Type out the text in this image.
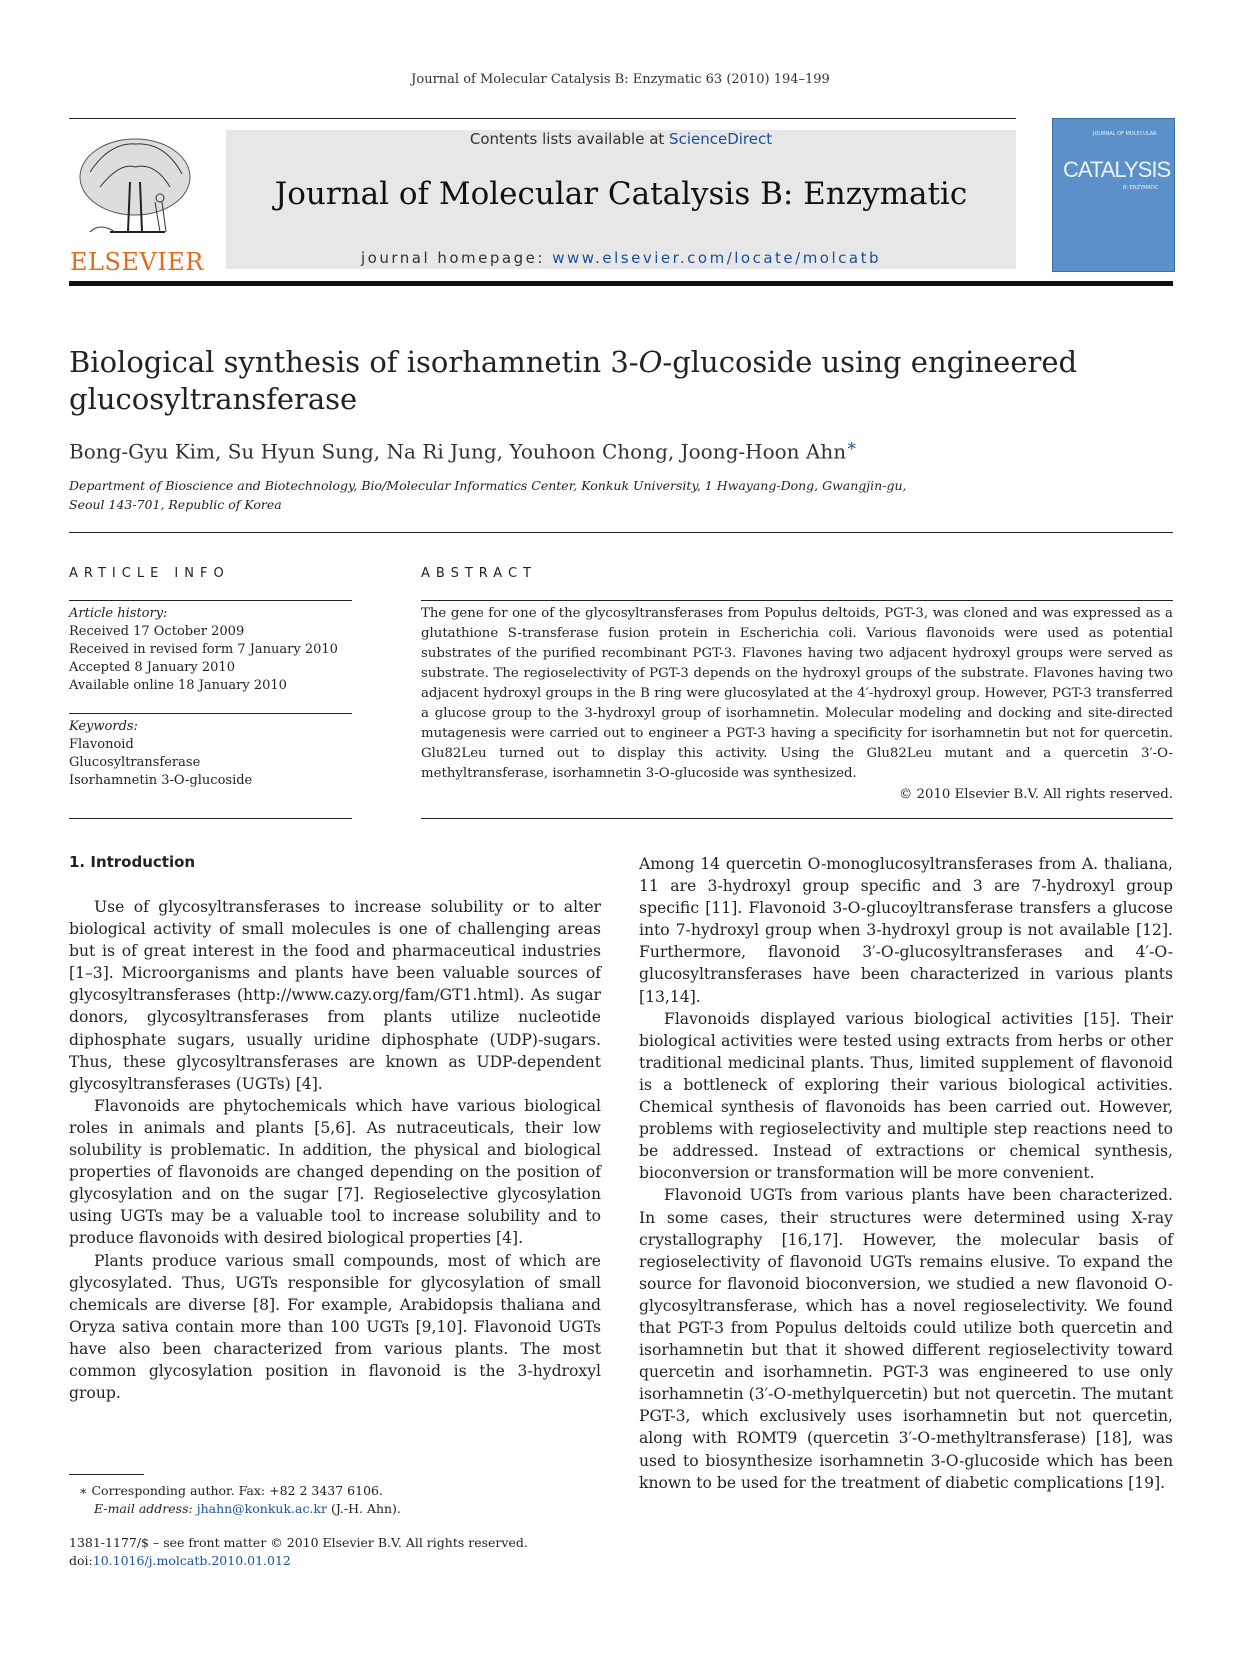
Journal of Molecular Catalysis B: Enzymatic 63 (2010) 194–199
ELSEVIER
Contents lists available at ScienceDirect
Journal of Molecular Catalysis B: Enzymatic
journal homepage: www.elsevier.com/locate/molcatb
JOURNAL OF MOLECULAR
CATALYSIS
B: ENZYMATIC
Biological synthesis of isorhamnetin 3-O-glucoside using engineered glucosyltransferase
Bong-Gyu Kim, Su Hyun Sung, Na Ri Jung, Youhoon Chong, Joong-Hoon Ahn∗
Department of Bioscience and Biotechnology, Bio/Molecular Informatics Center, Konkuk University, 1 Hwayang-Dong, Gwangjin-gu,
Seoul 143-701, Republic of Korea
ARTICLE INFO
Article history:
Received 17 October 2009
Received in revised form 7 January 2010
Accepted 8 January 2010
Available online 18 January 2010
Keywords:
Flavonoid
Glucosyltransferase
Isorhamnetin 3-O-glucoside
ABSTRACT
The gene for one of the glycosyltransferases from Populus deltoids, PGT-3, was cloned and was expressed as a glutathione S-transferase fusion protein in Escherichia coli. Various flavonoids were used as potential substrates of the purified recombinant PGT-3. Flavones having two adjacent hydroxyl groups were served as substrate. The regioselectivity of PGT-3 depends on the hydroxyl groups of the substrate. Flavones having two adjacent hydroxyl groups in the B ring were glucosylated at the 4′-hydroxyl group. However, PGT-3 transferred a glucose group to the 3-hydroxyl group of isorhamnetin. Molecular modeling and docking and site-directed mutagenesis were carried out to engineer a PGT-3 having a specificity for isorhamnetin but not for quercetin. Glu82Leu turned out to display this activity. Using the Glu82Leu mutant and a quercetin 3′-O-methyltransferase, isorhamnetin 3-O-glucoside was synthesized.
© 2010 Elsevier B.V. All rights reserved.
1. Introduction

Use of glycosyltransferases to increase solubility or to alter biological activity of small molecules is one of challenging areas but is of great interest in the food and pharmaceutical industries [1–3]. Microorganisms and plants have been valuable sources of glycosyltransferases (http://www.cazy.org/fam/GT1.html). As sugar donors, glycosyltransferases from plants utilize nucleotide diphosphate sugars, usually uridine diphosphate (UDP)-sugars. Thus, these glycosyltransferases are known as UDP-dependent glycosyltransferases (UGTs) [4].

Flavonoids are phytochemicals which have various biological roles in animals and plants [5,6]. As nutraceuticals, their low solubility is problematic. In addition, the physical and biological properties of flavonoids are changed depending on the position of glycosylation and on the sugar [7]. Regioselective glycosylation using UGTs may be a valuable tool to increase solubility and to produce flavonoids with desired biological properties [4].

Plants produce various small compounds, most of which are glycosylated. Thus, UGTs responsible for glycosylation of small chemicals are diverse [8]. For example, Arabidopsis thaliana and Oryza sativa contain more than 100 UGTs [9,10]. Flavonoid UGTs have also been characterized from various plants. The most common glycosylation position in flavonoid is the 3-hydroxyl group.

Among 14 quercetin O-monoglucosyltransferases from A. thaliana, 11 are 3-hydroxyl group specific and 3 are 7-hydroxyl group specific [11]. Flavonoid 3-O-glucoyltransferase transfers a glucose into 7-hydroxyl group when 3-hydroxyl group is not available [12]. Furthermore, flavonoid 3′-O-glucosyltransferases and 4′-O-glucosyltransferases have been characterized in various plants [13,14].

Flavonoids displayed various biological activities [15]. Their biological activities were tested using extracts from herbs or other traditional medicinal plants. Thus, limited supplement of flavonoid is a bottleneck of exploring their various biological activities. Chemical synthesis of flavonoids has been carried out. However, problems with regioselectivity and multiple step reactions need to be addressed. Instead of extractions or chemical synthesis, bioconversion or transformation will be more convenient.

Flavonoid UGTs from various plants have been characterized. In some cases, their structures were determined using X-ray crystallography [16,17]. However, the molecular basis of regioselectivity of flavonoid UGTs remains elusive. To expand the source for flavonoid bioconversion, we studied a new flavonoid O-glycosyltransferase, which has a novel regioselectivity. We found that PGT-3 from Populus deltoids could utilize both quercetin and isorhamnetin but that it showed different regioselectivity toward quercetin and isorhamnetin. PGT-3 was engineered to use only isorhamnetin (3′-O-methylquercetin) but not quercetin. The mutant PGT-3, which exclusively uses isorhamnetin but not quercetin, along with ROMT9 (quercetin 3′-O-methyltransferase) [18], was used to biosynthesize isorhamnetin 3-O-glucoside which has been known to be used for the treatment of diabetic complications [19].

∗ Corresponding author. Fax: +82 2 3437 6106.
E-mail address: jhahn@konkuk.ac.kr (J.-H. Ahn).
1381-1177/$ – see front matter © 2010 Elsevier B.V. All rights reserved.
doi:10.1016/j.molcatb.2010.01.012
